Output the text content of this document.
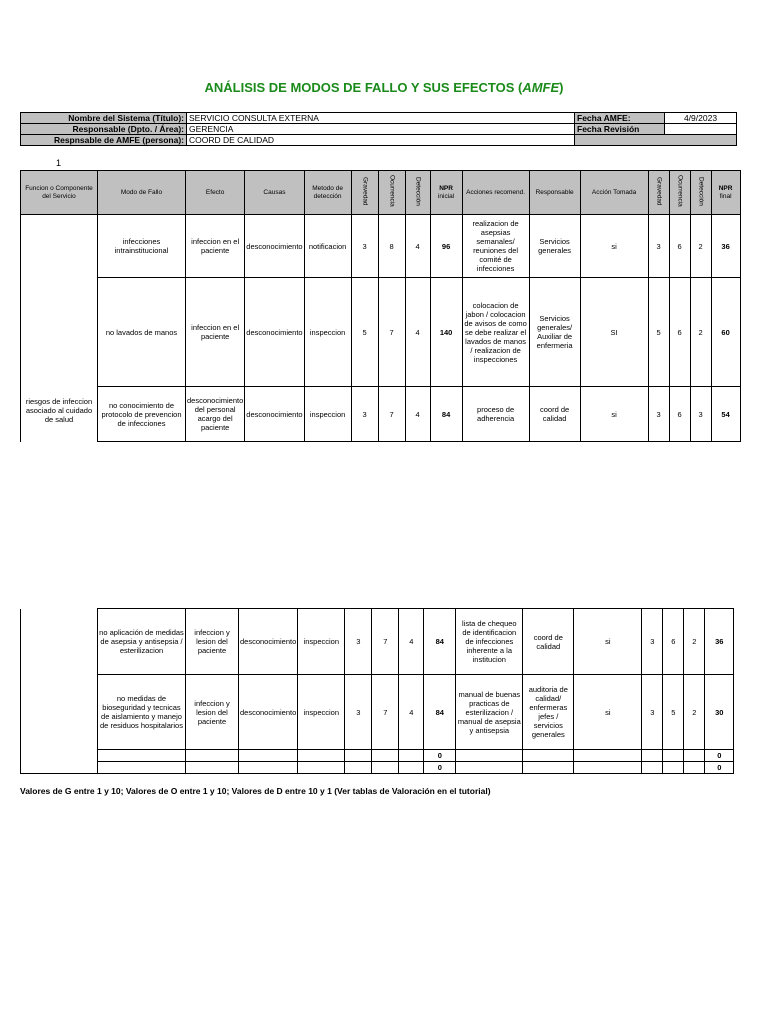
ANÁLISIS DE MODOS DE FALLO Y SUS EFECTOS (AMFE)
Nombre del Sistema (Título):	SERVICIO CONSULTA EXTERNA	Fecha AMFE:	4/9/2023
Responsable (Dpto. / Área):	GERENCIA	Fecha Revisión	
Respnsable de AMFE (persona):	COORD DE CALIDAD		
1
Funcion o Componente del Servicio	Modo de Fallo	Efecto	Causas	Metodo de detección	Gravedad	Ocurrencia	Detección	NPR
inicial	Acciones recomend.	Responsable	Acción Tomada	Gravedad	Ocurrencia	Detección	NPR
final
riesgos de infeccion asociado al cuidado de salud	infecciones intrainstitucional	infeccion en el paciente	desconocimiento	notificacion	3	8	4	96	realizacion de asepsias semanales/ reuniones del comité de infecciones	Servicios generales	si	3	6	2	36
	no lavados de manos	infeccion en el paciente	desconocimiento	inspeccion	5	7	4	140	colocacion de jabon / colocacion de avisos de como se debe realizar el lavados de manos / realizacion de inspecciones	Servicios generales/ Auxiliar de enfermeria	SI	5	6	2	60
	no conocimiento de protocolo de prevencion de infecciones	desconocimiento del personal acargo del paciente	desconocimiento	inspeccion	3	7	4	84	proceso de adherencia	coord de calidad	si	3	6	3	54
	no aplicación de medidas de asepsia y antisepsia / esterilizacion	infeccion y lesion del paciente	desconocimiento	inspeccion	3	7	4	84	lista de chequeo de identificacion de infecciones inherente a la institucion	coord de calidad	si	3	6	2	36
	no medidas de bioseguridad y tecnicas de aislamiento y manejo de residuos hospitalarios	infeccion y lesion del paciente	desconocimiento	inspeccion	3	7	4	84	manual de buenas practicas de esterilizacion / manual de asepsia y antisepsia	auditoria de calidad/ enfermeras jefes / servicios generales	si	3	5	2	30
								0							0
								0							0
Valores de G entre 1 y 10; Valores de O entre 1 y 10; Valores de D entre 10 y 1 (Ver tablas de Valoración en el tutorial)
